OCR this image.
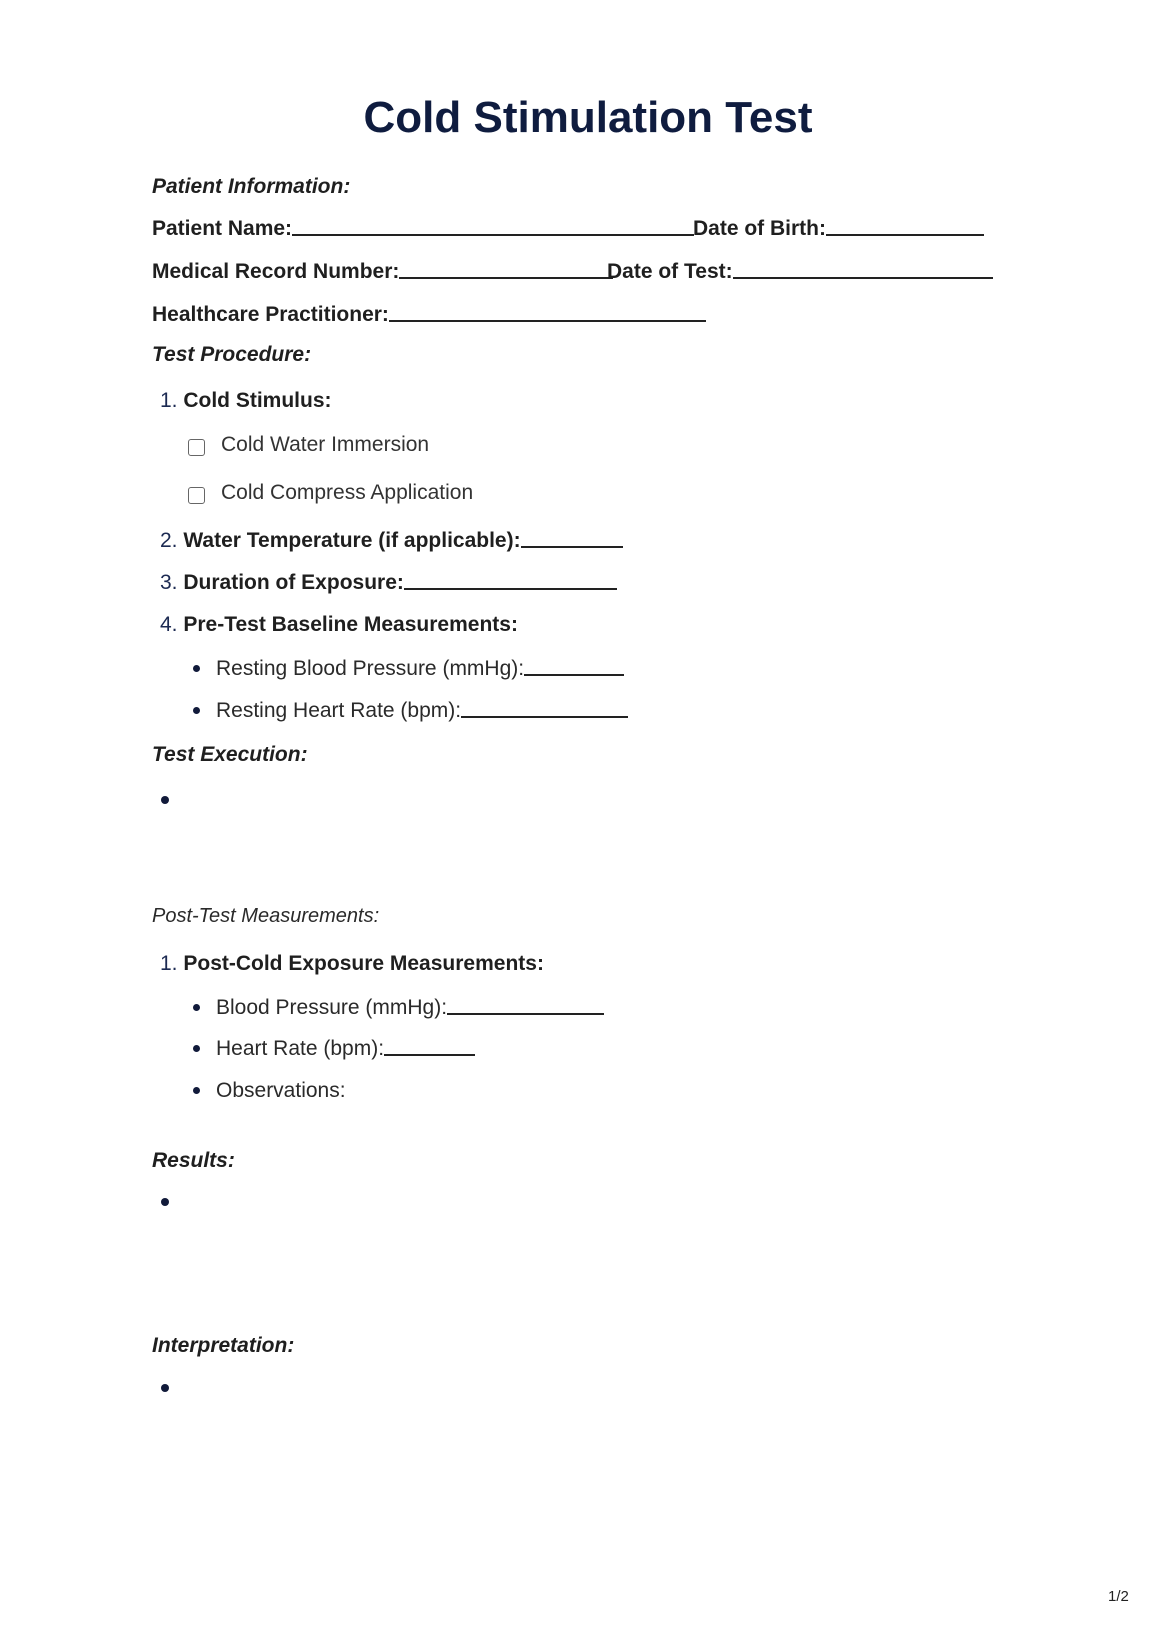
Cold Stimulation Test
Patient Information:
Patient Name:	Date of Birth:
Medical Record Number:	Date of Test:
Healthcare Practitioner:
Test Procedure:
1. Cold Stimulus:
Cold Water Immersion
Cold Compress Application
2. Water Temperature (if applicable):
3. Duration of Exposure:
4. Pre-Test Baseline Measurements:
Resting Blood Pressure (mmHg):
Resting Heart Rate (bpm):
Test Execution:
Post-Test Measurements:
1. Post-Cold Exposure Measurements:
Blood Pressure (mmHg):
Heart Rate (bpm):
Observations:
Results:
Interpretation:
1/2
